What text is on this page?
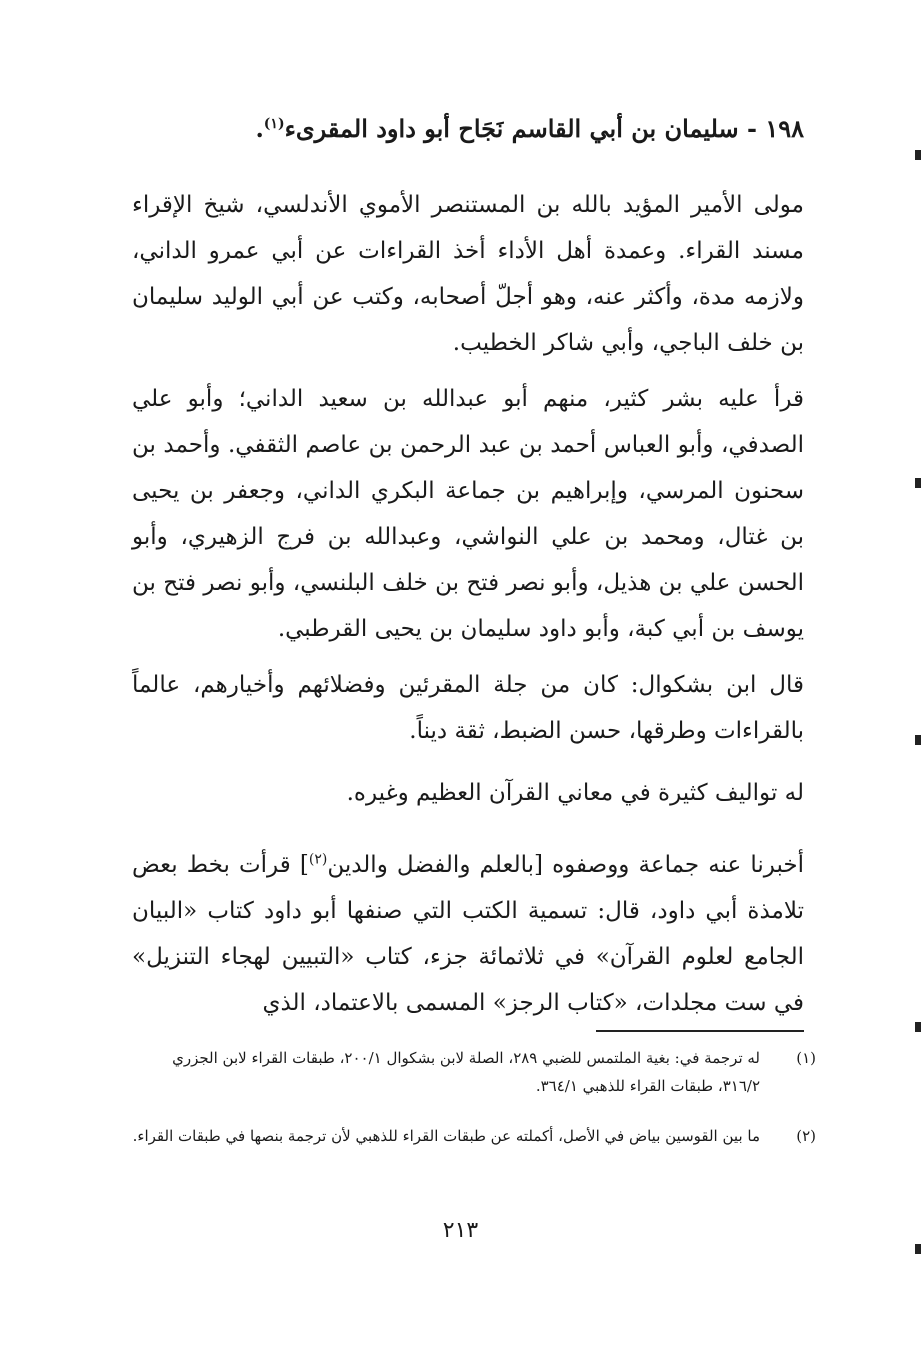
١٩٨ - سليمان بن أبي القاسم نَجَاح أبو داود المقرىء$^{(١)}$.
مولى الأمير المؤيد بالله بن المستنصر الأموي الأندلسي، شيخ الإقراء مسند القراء. وعمدة أهل الأداء أخذ القراءات عن أبي عمرو الداني، ولازمه مدة، وأكثر عنه، وهو أجلّ أصحابه، وكتب عن أبي الوليد سليمان بن خلف الباجي، وأبي شاكر الخطيب.
قرأ عليه بشر كثير، منهم أبو عبدالله بن سعيد الداني؛ وأبو علي الصدفي، وأبو العباس أحمد بن عبد الرحمن بن عاصم الثقفي. وأحمد بن سحنون المرسي، وإبراهيم بن جماعة البكري الداني، وجعفر بن يحيى بن غتال، ومحمد بن علي النواشي، وعبدالله بن فرج الزهيري، وأبو الحسن علي بن هذيل، وأبو نصر فتح بن خلف البلنسي، وأبو نصر فتح بن يوسف بن أبي كبة، وأبو داود سليمان بن يحيى القرطبي.
قال ابن بشكوال: كان من جلة المقرئين وفضلائهم وأخيارهم، عالماً بالقراءات وطرقها، حسن الضبط، ثقة ديناً.
له تواليف كثيرة في معاني القرآن العظيم وغيره.
أخبرنا عنه جماعة ووصفوه [بالعلم والفضل والدين$^{(٢)}$] قرأت بخط بعض تلامذة أبي داود، قال: تسمية الكتب التي صنفها أبو داود كتاب «البيان الجامع لعلوم القرآن» في ثلاثمائة جزء، كتاب «التبيين لهجاء التنزيل» في ست مجلدات، «كتاب الرجز» المسمى بالاعتماد، الذي
(١)
له ترجمة في: بغية الملتمس للضبي ٢٨٩، الصلة لابن بشكوال ٢٠٠/١، طبقات القراء لابن الجزري ٣١٦/٢، طبقات القراء للذهبي ٣٦٤/١.
(٢)
ما بين القوسين بياض في الأصل، أكملته عن طبقات القراء للذهبي لأن ترجمة بنصها في طبقات القراء.
٢١٣
